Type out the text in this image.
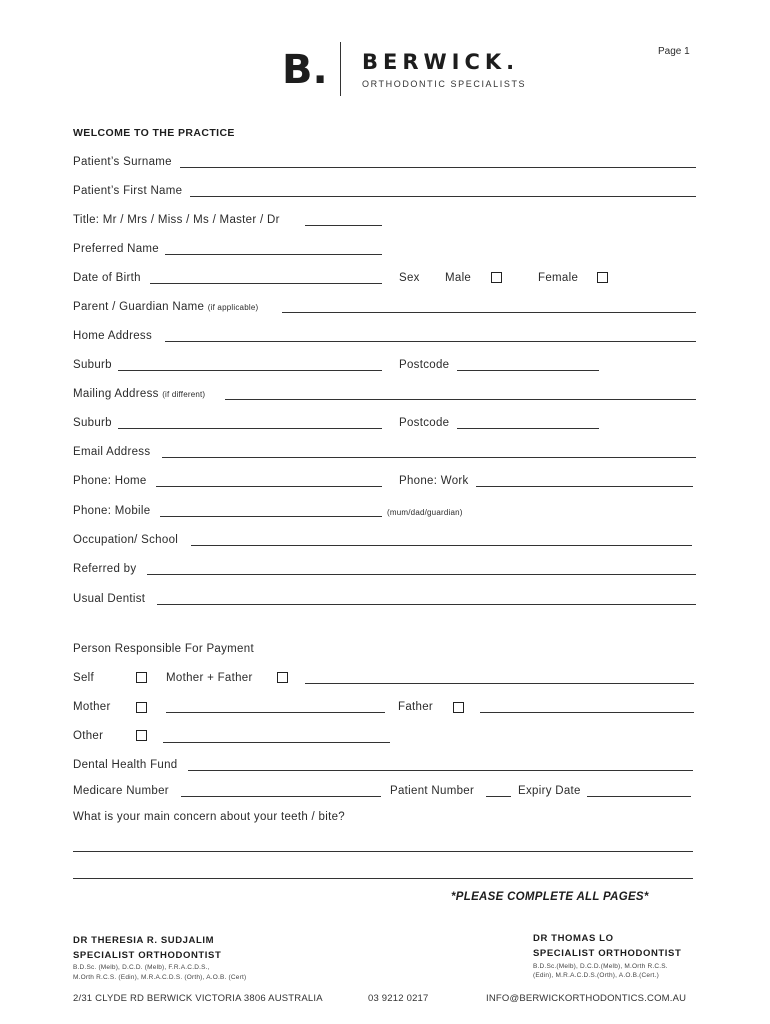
Page 1
B. BERWICK.
ORTHODONTIC SPECIALISTS
WELCOME TO THE PRACTICE
Patient’s Surname
Patient’s First Name
Title: Mr / Mrs / Miss / Ms / Master / Dr
Preferred Name
Date of Birth	Sex Male	Female
Parent / Guardian Name (if applicable)
Home Address
Suburb	Postcode
Mailing Address (if different)
Suburb	Postcode
Email Address
Phone: Home	Phone: Work
Phone: Mobile	(mum/dad/guardian)
Occupation/ School
Referred by
Usual Dentist
Person Responsible For Payment
Self	Mother + Father
Mother	Father
Other
Dental Health Fund
Medicare Number	Patient Number	Expiry Date
What is your main concern about your teeth / bite?
*PLEASE COMPLETE ALL PAGES*
DR THERESIA R. SUDJALIM
SPECIALIST ORTHODONTIST
B.D.Sc. (Melb), D.C.D. (Melb), F.R.A.C.D.S.,
M.Orth R.C.S. (Edin), M.R.A.C.D.S. (Orth), A.O.B. (Cert)
DR THOMAS LO
SPECIALIST ORTHODONTIST
B.D.Sc.(Melb), D.C.D.(Melb), M.Orth R.C.S.
(Edin), M.R.A.C.D.S.(Orth), A.O.B.(Cert.)
2/31 CLYDE RD BERWICK VICTORIA 3806 AUSTRALIA	03 9212 0217	INFO@BERWICKORTHODONTICS.COM.AU
